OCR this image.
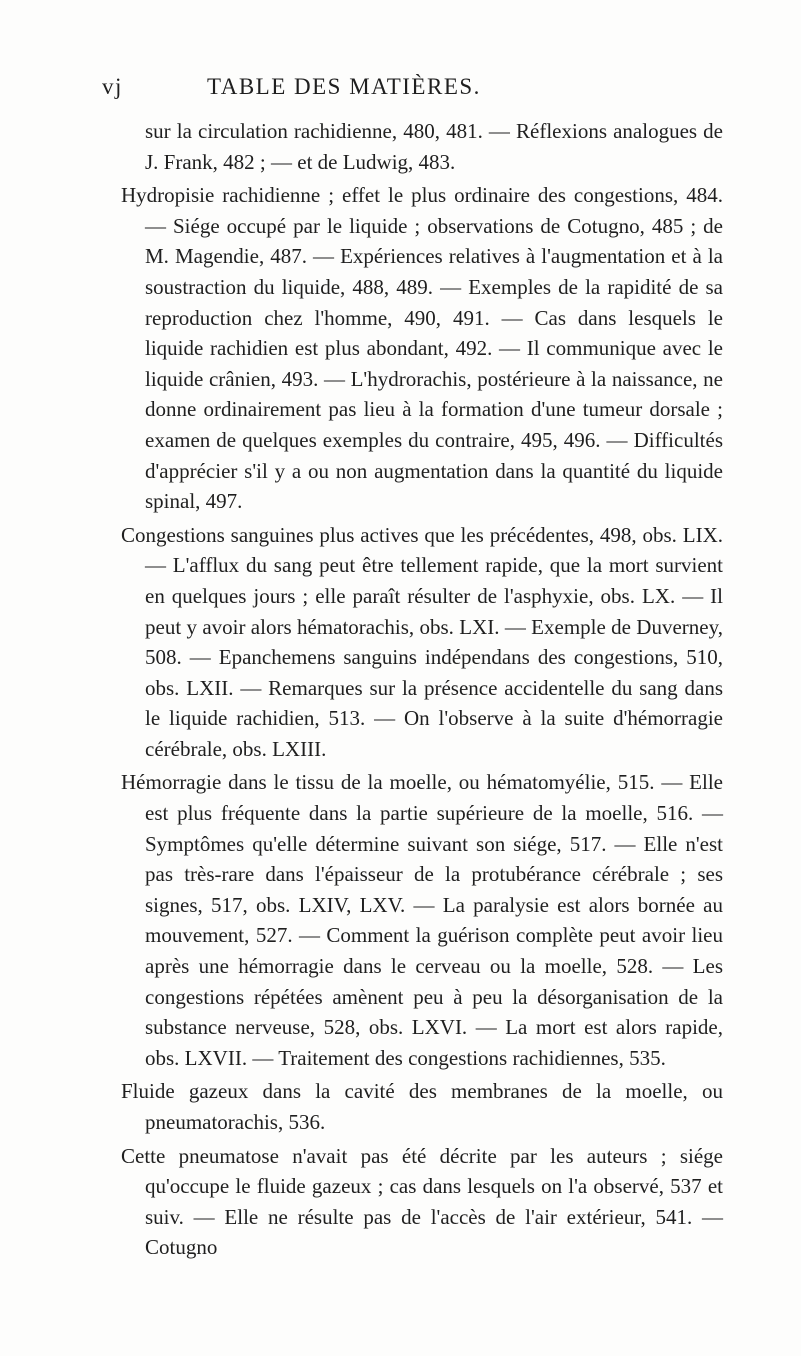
vj	TABLE DES MATIÈRES.

sur la circulation rachidienne, 480, 481. — Réflexions analogues de J. Frank, 482 ; — et de Ludwig, 483.

Hydropisie rachidienne ; effet le plus ordinaire des congestions, 484. — Siége occupé par le liquide ; observations de Cotugno, 485 ; de M. Magendie, 487. — Expériences relatives à l'augmentation et à la soustraction du liquide, 488, 489. — Exemples de la rapidité de sa reproduction chez l'homme, 490, 491. — Cas dans lesquels le liquide rachidien est plus abondant, 492. — Il communique avec le liquide crânien, 493. — L'hydrorachis, postérieure à la naissance, ne donne ordinairement pas lieu à la formation d'une tumeur dorsale ; examen de quelques exemples du contraire, 495, 496. — Difficultés d'apprécier s'il y a ou non augmentation dans la quantité du liquide spinal, 497.

Congestions sanguines plus actives que les précédentes, 498, obs. LIX. — L'afflux du sang peut être tellement rapide, que la mort survient en quelques jours ; elle paraît résulter de l'asphyxie, obs. LX. — Il peut y avoir alors hématorachis, obs. LXI. — Exemple de Duverney, 508. — Epanchemens sanguins indépendans des congestions, 510, obs. LXII. — Remarques sur la présence accidentelle du sang dans le liquide rachidien, 513. — On l'observe à la suite d'hémorragie cérébrale, obs. LXIII.

Hémorragie dans le tissu de la moelle, ou hématomyélie, 515. — Elle est plus fréquente dans la partie supérieure de la moelle, 516. — Symptômes qu'elle détermine suivant son siége, 517. — Elle n'est pas très-rare dans l'épaisseur de la protubérance cérébrale ; ses signes, 517, obs. LXIV, LXV. — La paralysie est alors bornée au mouvement, 527. — Comment la guérison complète peut avoir lieu après une hémorragie dans le cerveau ou la moelle, 528. — Les congestions répétées amènent peu à peu la désorganisation de la substance nerveuse, 528, obs. LXVI. — La mort est alors rapide, obs. LXVII. — Traitement des congestions rachidiennes, 535.

Fluide gazeux dans la cavité des membranes de la moelle, ou pneumatorachis, 536.

Cette pneumatose n'avait pas été décrite par les auteurs ; siége qu'occupe le fluide gazeux ; cas dans lesquels on l'a observé, 537 et suiv. — Elle ne résulte pas de l'accès de l'air extérieur, 541. — Cotugno
